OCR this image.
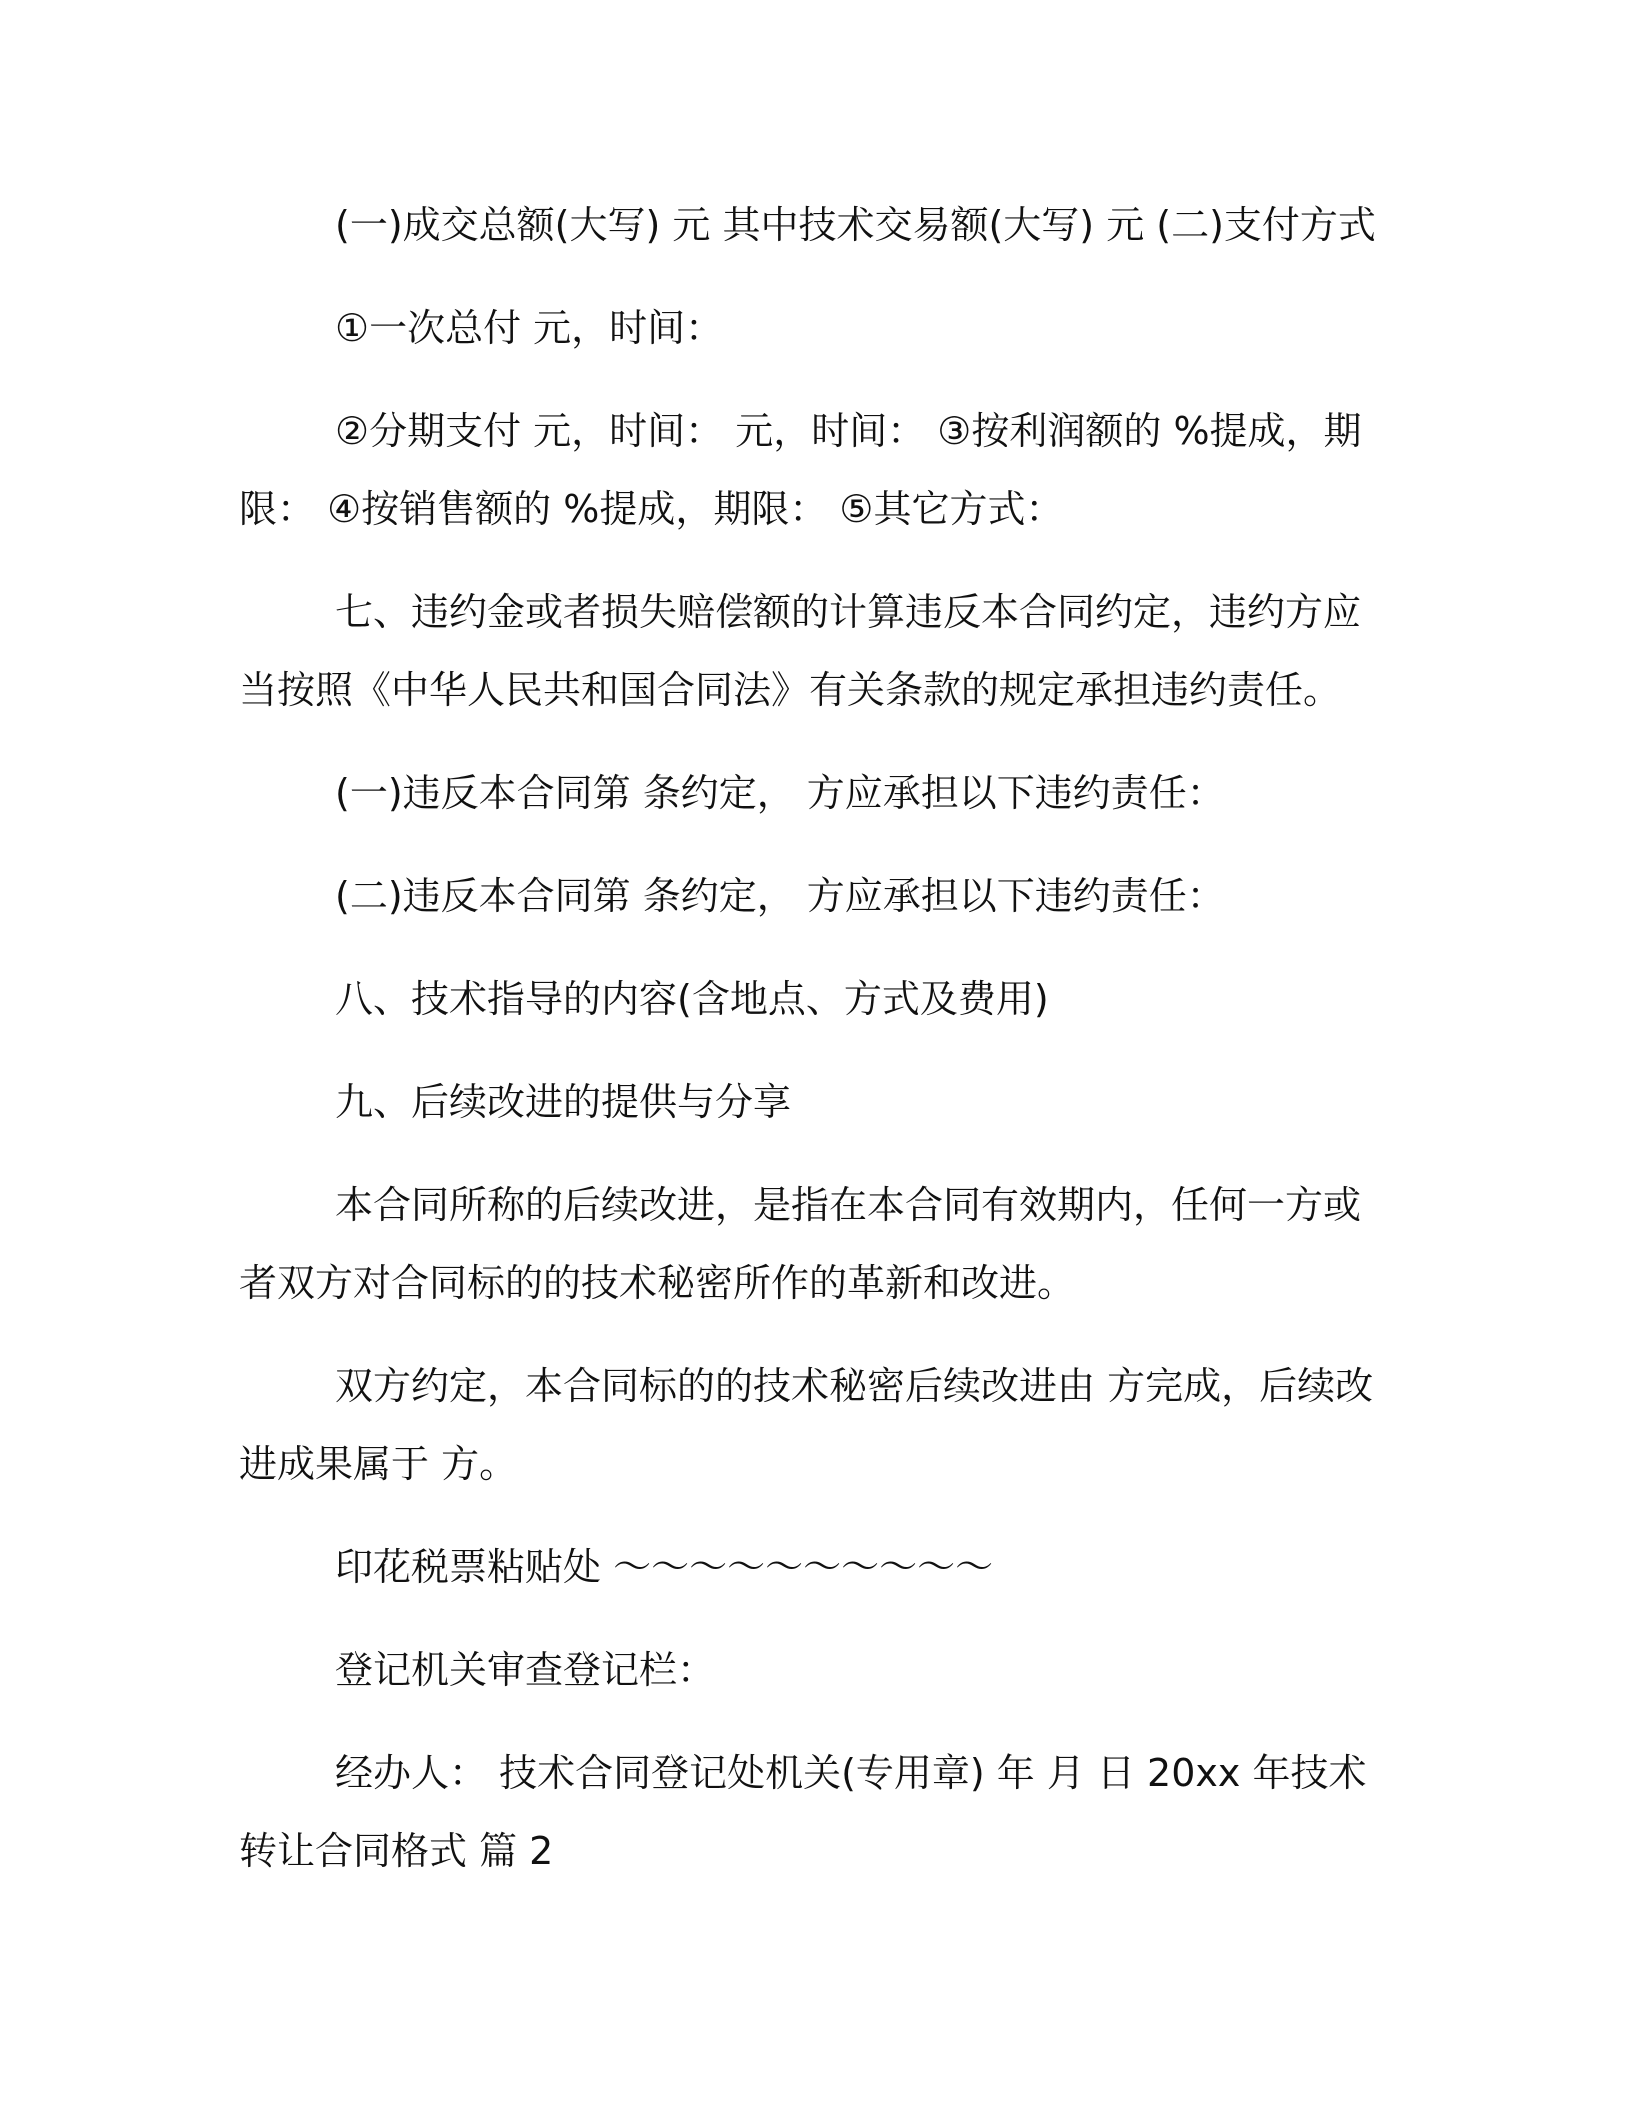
(一)成交总额(大写) 元 其中技术交易额(大写) 元 (二)支付方式

①一次总付 元，时间：

②分期支付 元，时间： 元，时间： ③按利润额的 %提成，期限： ④按销售额的 %提成，期限： ⑤其它方式：

七、违约金或者损失赔偿额的计算违反本合同约定，违约方应当按照《中华人民共和国合同法》有关条款的规定承担违约责任。

(一)违反本合同第 条约定， 方应承担以下违约责任：

(二)违反本合同第 条约定， 方应承担以下违约责任：

八、技术指导的内容(含地点、方式及费用)

九、后续改进的提供与分享

本合同所称的后续改进，是指在本合同有效期内，任何一方或者双方对合同标的的技术秘密所作的革新和改进。

双方约定，本合同标的的技术秘密后续改进由 方完成，后续改进成果属于 方。

印花税票粘贴处 ～～～～～～～～～～

登记机关审查登记栏：

经办人： 技术合同登记处机关(专用章) 年 月 日 20xx 年技术转让合同格式 篇 2
